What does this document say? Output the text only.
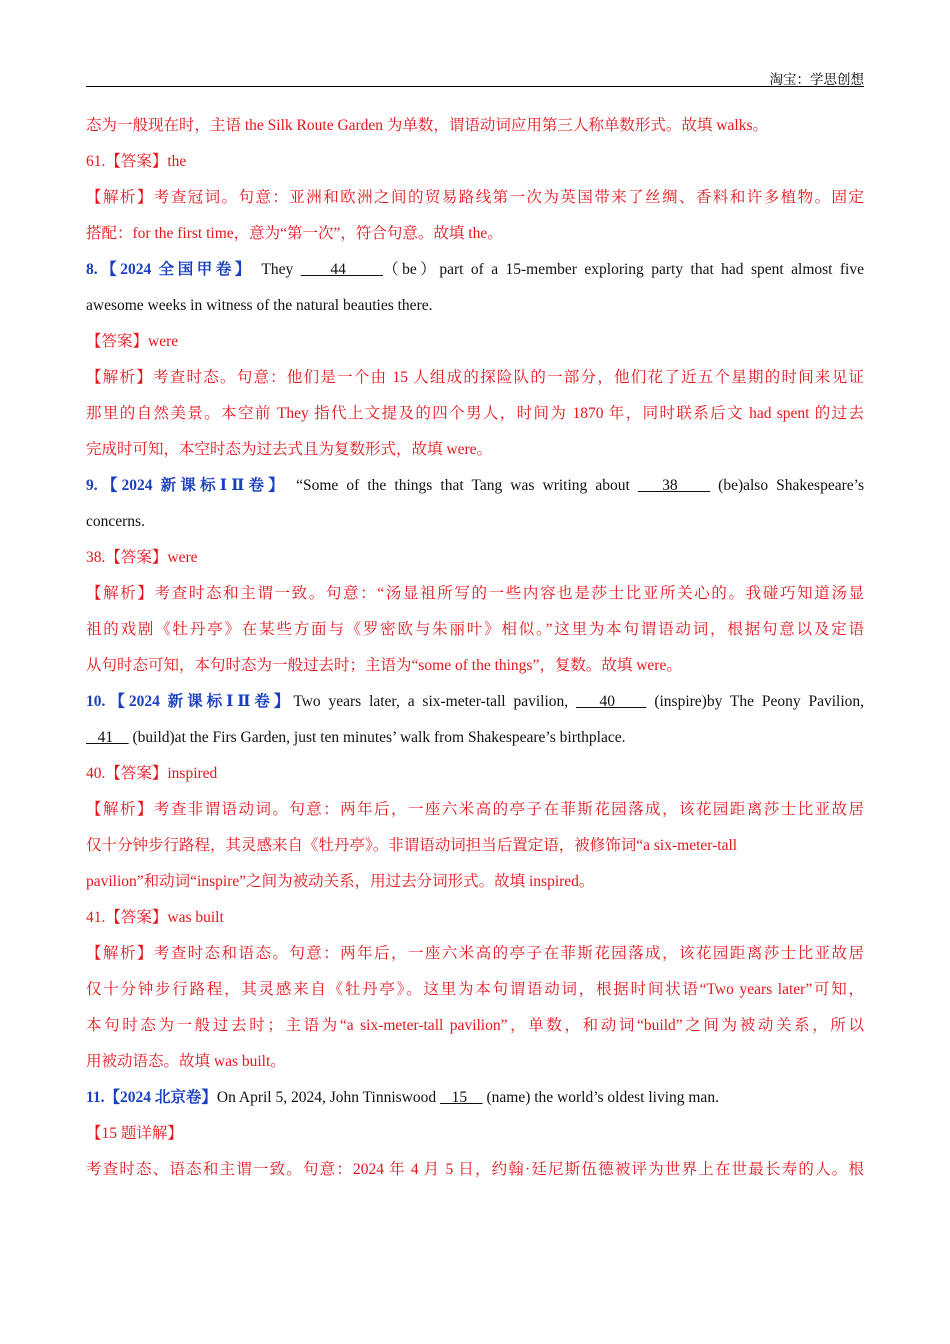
淘宝：学思创想
态为一般现在时，主语 the Silk Route Garden 为单数，谓语动词应用第三人称单数形式。故填 walks。
61.【答案】the
【解析】考查冠词。句意：亚洲和欧洲之间的贸易路线第一次为英国带来了丝绸、香料和许多植物。固定
搭配：for the first time，意为“第一次”，符合句意。故填 the。
8.【2024 全国甲卷】 They     44     （be）part of a 15-member exploring party that had spent almost five
awesome weeks in witness of the natural beauties there.
【答案】were
【解析】考查时态。句意：他们是一个由 15 人组成的探险队的一部分，他们花了近五个星期的时间来见证
那里的自然美景。本空前 They 指代上文提及的四个男人，时间为 1870 年，同时联系后文 had spent 的过去
完成时可知，本空时态为过去式且为复数形式，故填 were。
9.【2024 新课标ⅠⅡ卷】 “Some of the things that Tang was writing about    38     (be)also Shakespeare’s
concerns.
38.【答案】were
【解析】考查时态和主谓一致。句意：“汤显祖所写的一些内容也是莎士比亚所关心的。我碰巧知道汤显
祖的戏剧《牡丹亭》在某些方面与《罗密欧与朱丽叶》相似。”这里为本句谓语动词，根据句意以及定语
从句时态可知，本句时态为一般过去时；主语为“some of the things”，复数。故填 were。
10.【2024 新课标ⅠⅡ卷】Two years later, a six-meter-tall pavilion,    40     (inspire)by The Peony Pavilion,
41     (build)at the Firs Garden, just ten minutes’ walk from Shakespeare’s birthplace.
40.【答案】inspired
【解析】考查非谓语动词。句意：两年后，一座六米高的亭子在菲斯花园落成，该花园距离莎士比亚故居
仅十分钟步行路程，其灵感来自《牡丹亭》。非谓语动词担当后置定语，被修饰词“a six-meter-tall
pavilion”和动词“inspire”之间为被动关系，用过去分词形式。故填 inspired。
41.【答案】was built
【解析】考查时态和语态。句意：两年后，一座六米高的亭子在菲斯花园落成，该花园距离莎士比亚故居
仅十分钟步行路程，其灵感来自《牡丹亭》。这里为本句谓语动词，根据时间状语“Two years later”可知，
本句时态为一般过去时；主语为“a six-meter-tall pavilion”，单数，和动词“build”之间为被动关系，所以
用被动语态。故填 was built。
11.【2024 北京卷】On April 5, 2024, John Tinniswood    15     (name) the world’s oldest living man.
【15 题详解】
考查时态、语态和主谓一致。句意：2024 年 4 月 5 日，约翰·廷尼斯伍德被评为世界上在世最长寿的人。根
